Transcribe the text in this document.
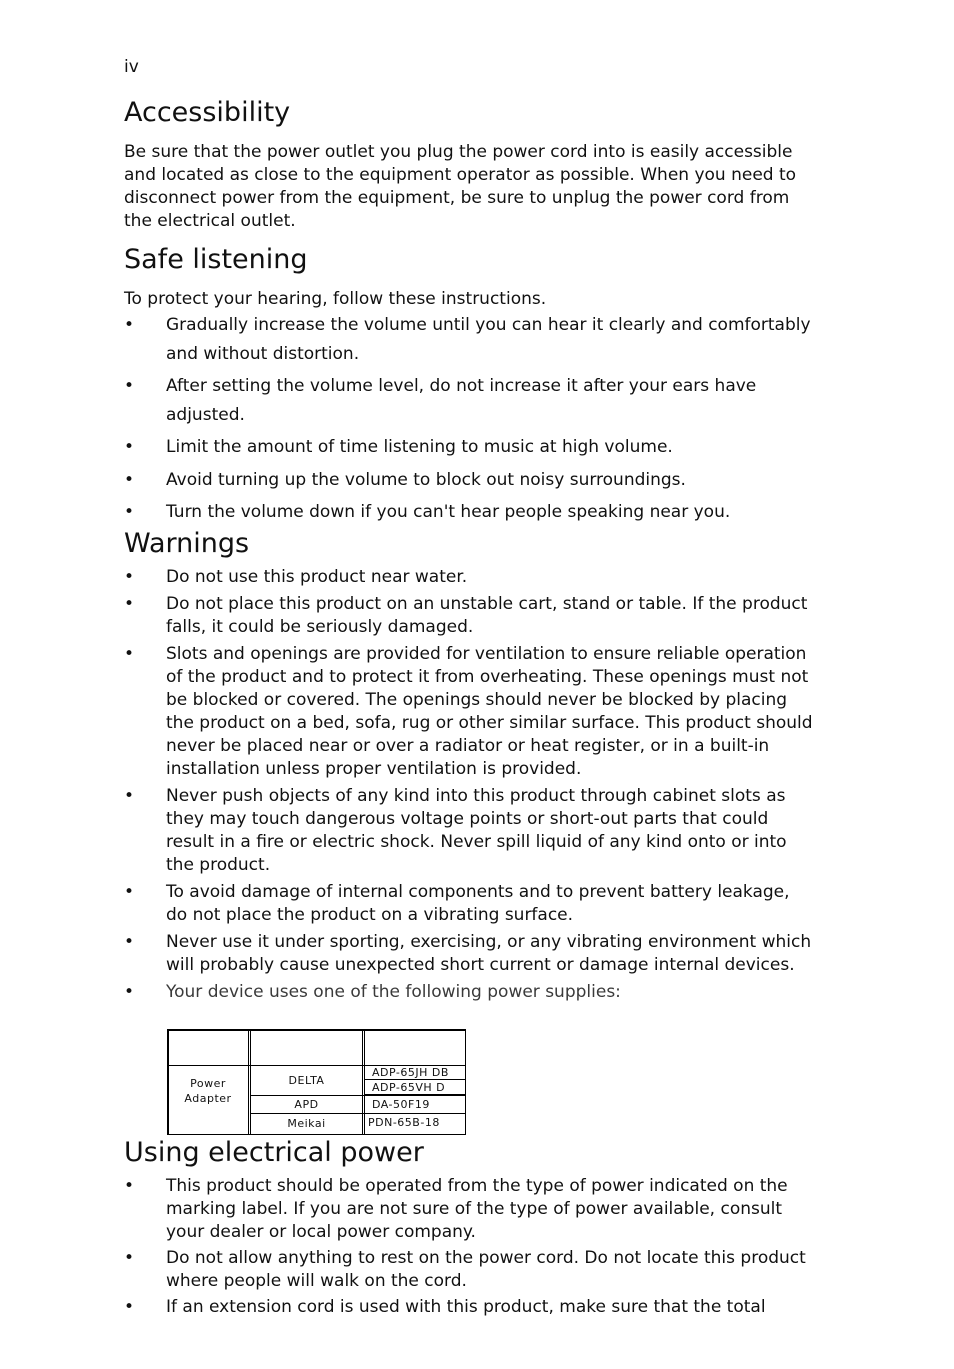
iv
Accessibility

Be sure that the power outlet you plug the power cord into is easily accessible and located as close to the equipment operator as possible. When you need to disconnect power from the equipment, be sure to unplug the power cord from the electrical outlet.

Safe listening

To protect your hearing, follow these instructions.

• Gradually increase the volume until you can hear it clearly and comfortably and without distortion.
• After setting the volume level, do not increase it after your ears have adjusted.
• Limit the amount of time listening to music at high volume.
• Avoid turning up the volume to block out noisy surroundings.
• Turn the volume down if you can't hear people speaking near you.
Warnings
• Do not use this product near water.
• Do not place this product on an unstable cart, stand or table. If the product falls, it could be seriously damaged.
• Slots and openings are provided for ventilation to ensure reliable operation of the product and to protect it from overheating. These openings must not be blocked or covered. The openings should never be blocked by placing the product on a bed, sofa, rug or other similar surface. This product should never be placed near or over a radiator or heat register, or in a built-in installation unless proper ventilation is provided.
• Never push objects of any kind into this product through cabinet slots as they may touch dangerous voltage points or short-out parts that could result in a fire or electric shock. Never spill liquid of any kind onto or into the product.
• To avoid damage of internal components and to prevent battery leakage, do not place the product on a vibrating surface.
• Never use it under sporting, exercising, or any vibrating environment which will probably cause unexpected short current or damage internal devices.
• Your device uses one of the following power supplies:
Using electrical power
• This product should be operated from the type of power indicated on the marking label. If you are not sure of the type of power available, consult your dealer or local power company.
• Do not allow anything to rest on the power cord. Do not locate this product where people will walk on the cord.
• If an extension cord is used with this product, make sure that the total
Power Adapter
DELTA
APD
Meikai
ADP-65JH DB
ADP-65VH D
DA-50F19
PDN-65B-18
